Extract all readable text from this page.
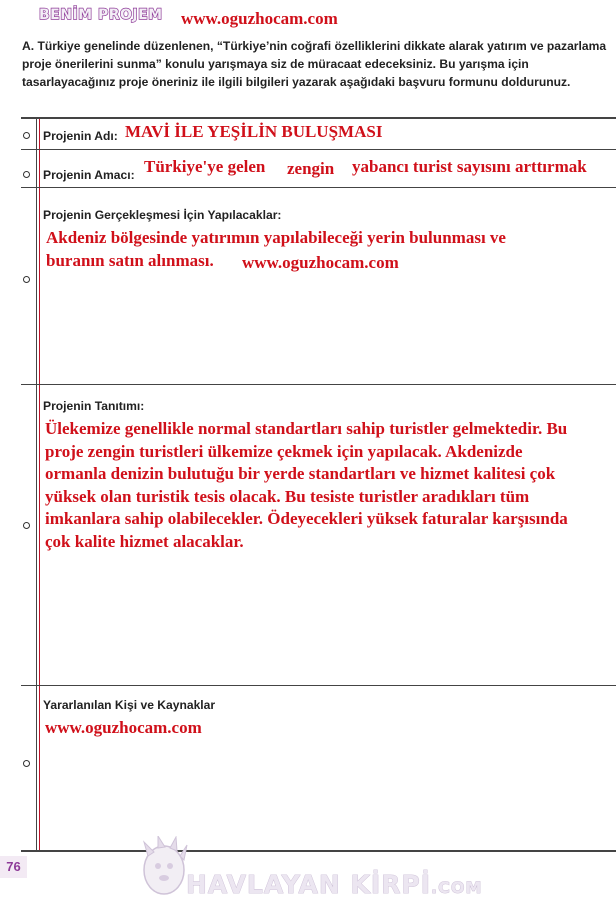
BENİM PROJEM www.oguzhocam.com
A. Türkiye genelinde düzenlenen, “Türkiye’nin coğrafi özelliklerini dikkate alarak yatırım ve pazarlama proje önerilerini sunma” konulu yarışmaya siz de müracaat edeceksiniz. Bu yarışma için tasarlayacağınız proje öneriniz ile ilgili bilgileri yazarak aşağıdaki başvuru formunu doldurunuz.
Projenin Adı: MAVİ İLE YEŞİLİN BULUŞMASI
Projenin Amacı: Türkiye'ye gelen zengin yabancı turist sayısını arttırmak
Projenin Gerçekleşmesi İçin Yapılacaklar:
Akdeniz bölgesinde yatırımın yapılabileceği yerin bulunması ve
buranın satın alınması. www.oguzhocam.com
Projenin Tanıtımı:
Ülekemize genellikle normal standartları sahip turistler gelmektedir. Bu proje zengin turistleri ülkemize çekmek için yapılacak. Akdenizde ormanla denizin bulutuğu bir yerde standartları ve hizmet kalitesi çok yüksek olan turistik tesis olacak. Bu tesiste turistler aradıkları tüm imkanlara sahip olabilecekler. Ödeyecekleri yüksek faturalar karşısında çok kalite hizmet alacaklar.
Yararlanılan Kişi ve Kaynaklar
www.oguzhocam.com
76
HAVLAYAN KİRPİ.COM
